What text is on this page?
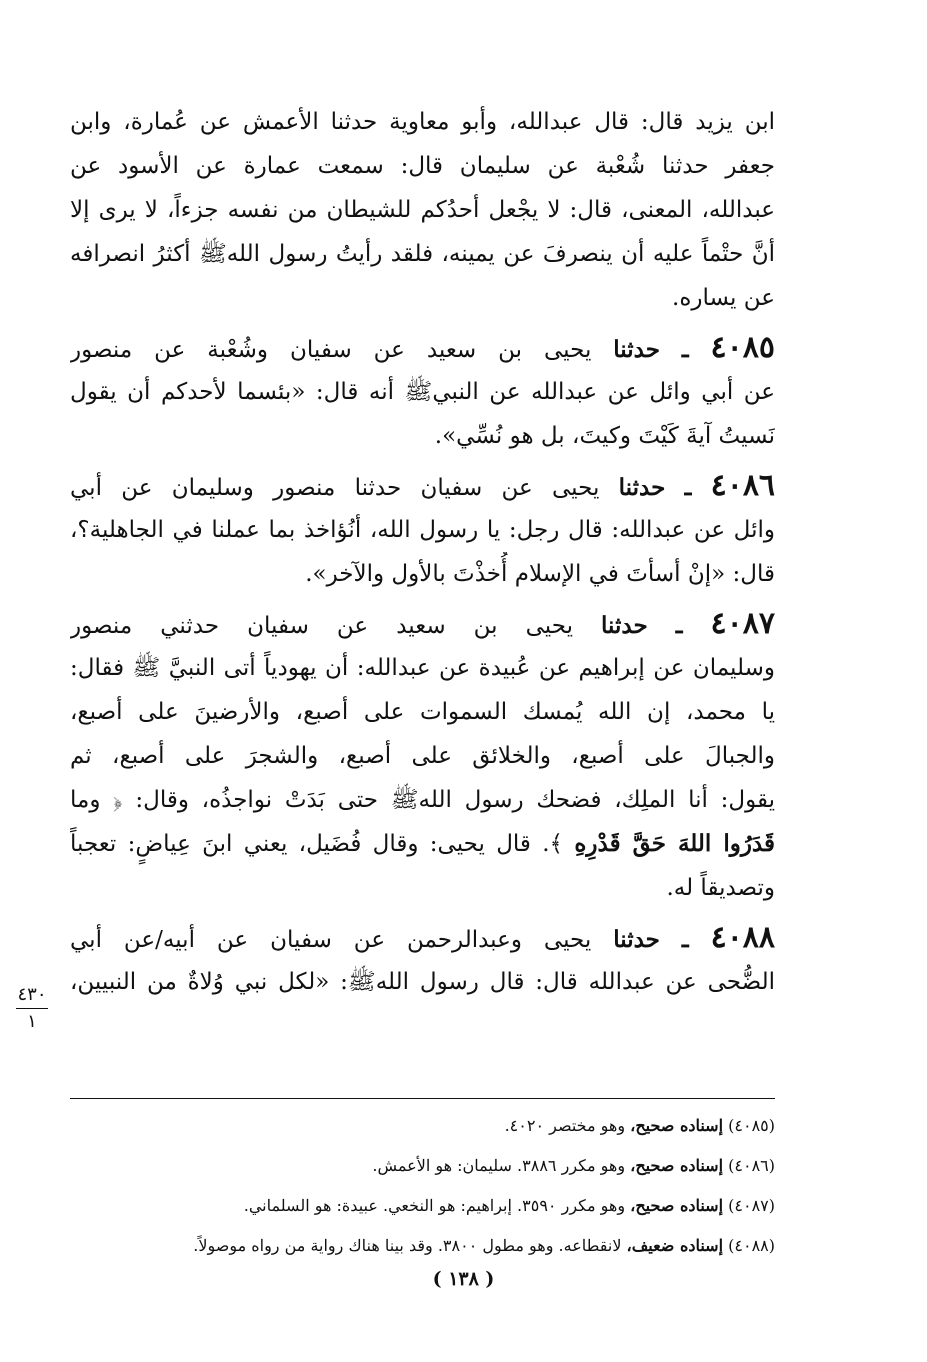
ابن يزيد قال: قال عبدالله، وأبو معاوية حدثنا الأعمش عن عُمارة، وابن
جعفر حدثنا شُعْبة عن سليمان قال: سمعت عمارة عن الأسود عن
عبدالله، المعنى، قال: لا يجْعل أحدُكم للشيطان من نفسه جزءاً، لا يرى إلا
أنَّ حتْماً عليه أن ينصرفَ عن يمينه، فلقد رأيتُ رسول اللهﷺ أكثرُ انصرافه
عن يساره.
٤٠٨٥ ـ حدثنا يحيى بن سعيد عن سفيان وشُعْبة عن منصور
عن أبي وائل عن عبدالله عن النبيﷺ أنه قال: «بئسما لأحدكم أن يقول
نَسيتُ آيةَ كَيْتَ وكيتَ، بل هو نُسِّي».
٤٠٨٦ ـ حدثنا يحيى عن سفيان حدثنا منصور وسليمان عن أبي
وائل عن عبدالله: قال رجل: يا رسول الله، أنُؤاخذ بما عملنا في الجاهلية؟،
قال: «إنْ أسأتَ في الإسلام أُخذْتَ بالأول والآخر».
٤٠٨٧ ـ حدثنا يحيى بن سعيد عن سفيان حدثني منصور
وسليمان عن إبراهيم عن عُبيدة عن عبدالله: أن يهودياً أتى النبيَّ ﷺ فقال:
يا محمد، إن الله يُمسك السموات على أصبع، والأرضينَ على أصبع،
والجبالَ على أصبع، والخلائق على أصبع، والشجرَ على أصبع، ثم
يقول: أنا الملِك، فضحك رسول اللهﷺ حتى بَدَتْ نواجذُه، وقال: ﴿ وما
قَدَرُوا اللهَ حَقَّ قَدْرِهِ ﴾. قال يحيى: وقال فُضَيل، يعني ابنَ عِياضٍ: تعجباً
وتصديقاً له.
٤٠٨٨ ـ حدثنا يحيى وعبدالرحمن عن سفيان عن أبيه/عن أبي
الضُّحى عن عبدالله قال: قال رسول اللهﷺ: «لكل نبي وُلاةٌ من النبيين،
٤٣٠
١
(٤٠٨٥) إسناده صحيح، وهو مختصر ٤٠٢٠.
(٤٠٨٦) إسناده صحيح، وهو مكرر ٣٨٨٦. سليمان: هو الأعمش.
(٤٠٨٧) إسناده صحيح، وهو مكرر ٣٥٩٠. إبراهيم: هو النخعي. عبيدة: هو السلماني.
(٤٠٨٨) إسناده ضعيف، لانقطاعه. وهو مطول ٣٨٠٠. وقد بينا هناك رواية من رواه موصولاً.
( ١٣٨ )
